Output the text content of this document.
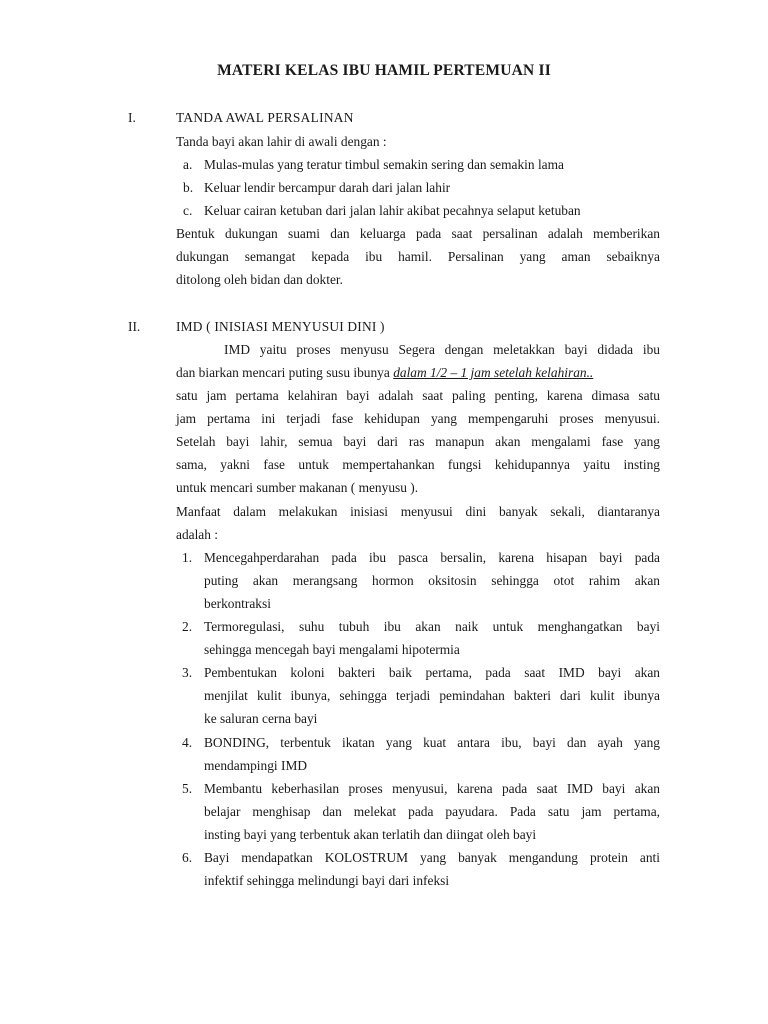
MATERI KELAS IBU HAMIL PERTEMUAN II
I.	TANDA AWAL PERSALINAN
Tanda bayi akan lahir di awali dengan :
a. Mulas-mulas yang teratur timbul semakin sering dan semakin lama
b. Keluar lendir bercampur darah dari jalan lahir
c. Keluar cairan ketuban dari jalan lahir akibat pecahnya selaput ketuban
Bentuk dukungan suami dan keluarga pada saat persalinan adalah memberikan
dukungan semangat kepada ibu hamil. Persalinan yang aman sebaiknya
ditolong oleh bidan dan dokter.
II.	IMD ( INISIASI MENYUSUI DINI )
IMD yaitu proses menyusu Segera dengan meletakkan bayi didada ibu
dan biarkan mencari puting susu ibunya dalam 1/2 – 1 jam setelah kelahiran..
satu jam pertama kelahiran bayi adalah saat paling penting, karena dimasa satu
jam pertama ini terjadi fase kehidupan yang mempengaruhi proses menyusui.
Setelah bayi lahir, semua bayi dari ras manapun akan mengalami fase yang
sama, yakni fase untuk mempertahankan fungsi kehidupannya yaitu insting
untuk mencari sumber makanan ( menyusu ).
Manfaat dalam melakukan inisiasi menyusui dini banyak sekali, diantaranya
adalah :
1. Mencegahperdarahan pada ibu pasca bersalin, karena hisapan bayi pada
puting akan merangsang hormon oksitosin sehingga otot rahim akan
berkontraksi
2. Termoregulasi, suhu tubuh ibu akan naik untuk menghangatkan bayi
sehingga mencegah bayi mengalami hipotermia
3. Pembentukan koloni bakteri baik pertama, pada saat IMD bayi akan
menjilat kulit ibunya, sehingga terjadi pemindahan bakteri dari kulit ibunya
ke saluran cerna bayi
4. BONDING, terbentuk ikatan yang kuat antara ibu, bayi dan ayah yang
mendampingi IMD
5. Membantu keberhasilan proses menyusui, karena pada saat IMD bayi akan
belajar menghisap dan melekat pada payudara. Pada satu jam pertama,
insting bayi yang terbentuk akan terlatih dan diingat oleh bayi
6. Bayi mendapatkan KOLOSTRUM yang banyak mengandung protein anti
infektif sehingga melindungi bayi dari infeksi
